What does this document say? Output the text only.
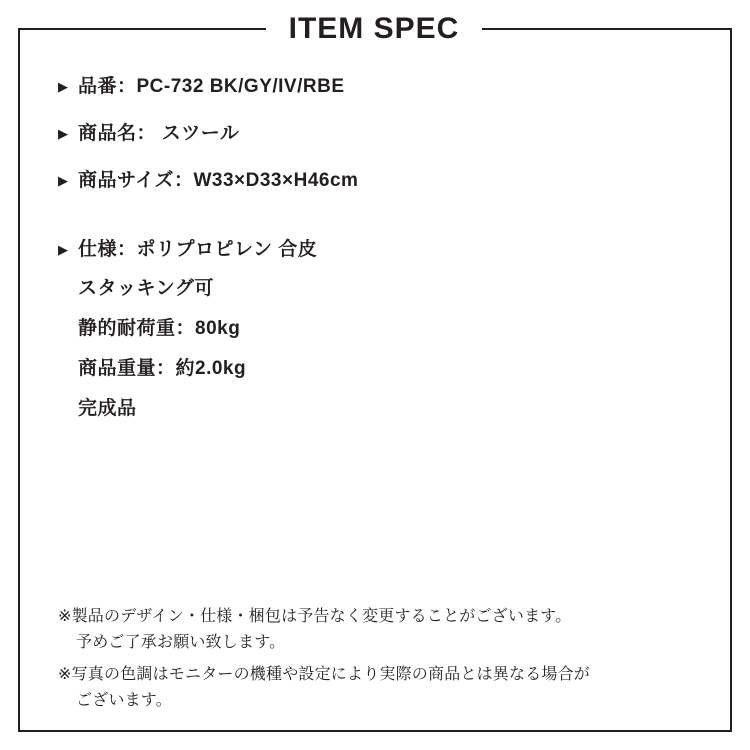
ITEM SPEC
▶ 品番：PC-732 BK/GY/IV/RBE
▶ 商品名： スツール
▶ 商品サイズ：W33×D33×H46cm
▶ 仕様：ポリプロピレン 合皮
スタッキング可
静的耐荷重：80kg
商品重量：約2.0kg
完成品
※製品のデザイン・仕様・梱包は予告なく変更することがございます。
予めご了承お願い致します。
※写真の色調はモニターの機種や設定により実際の商品とは異なる場合が
ございます。
